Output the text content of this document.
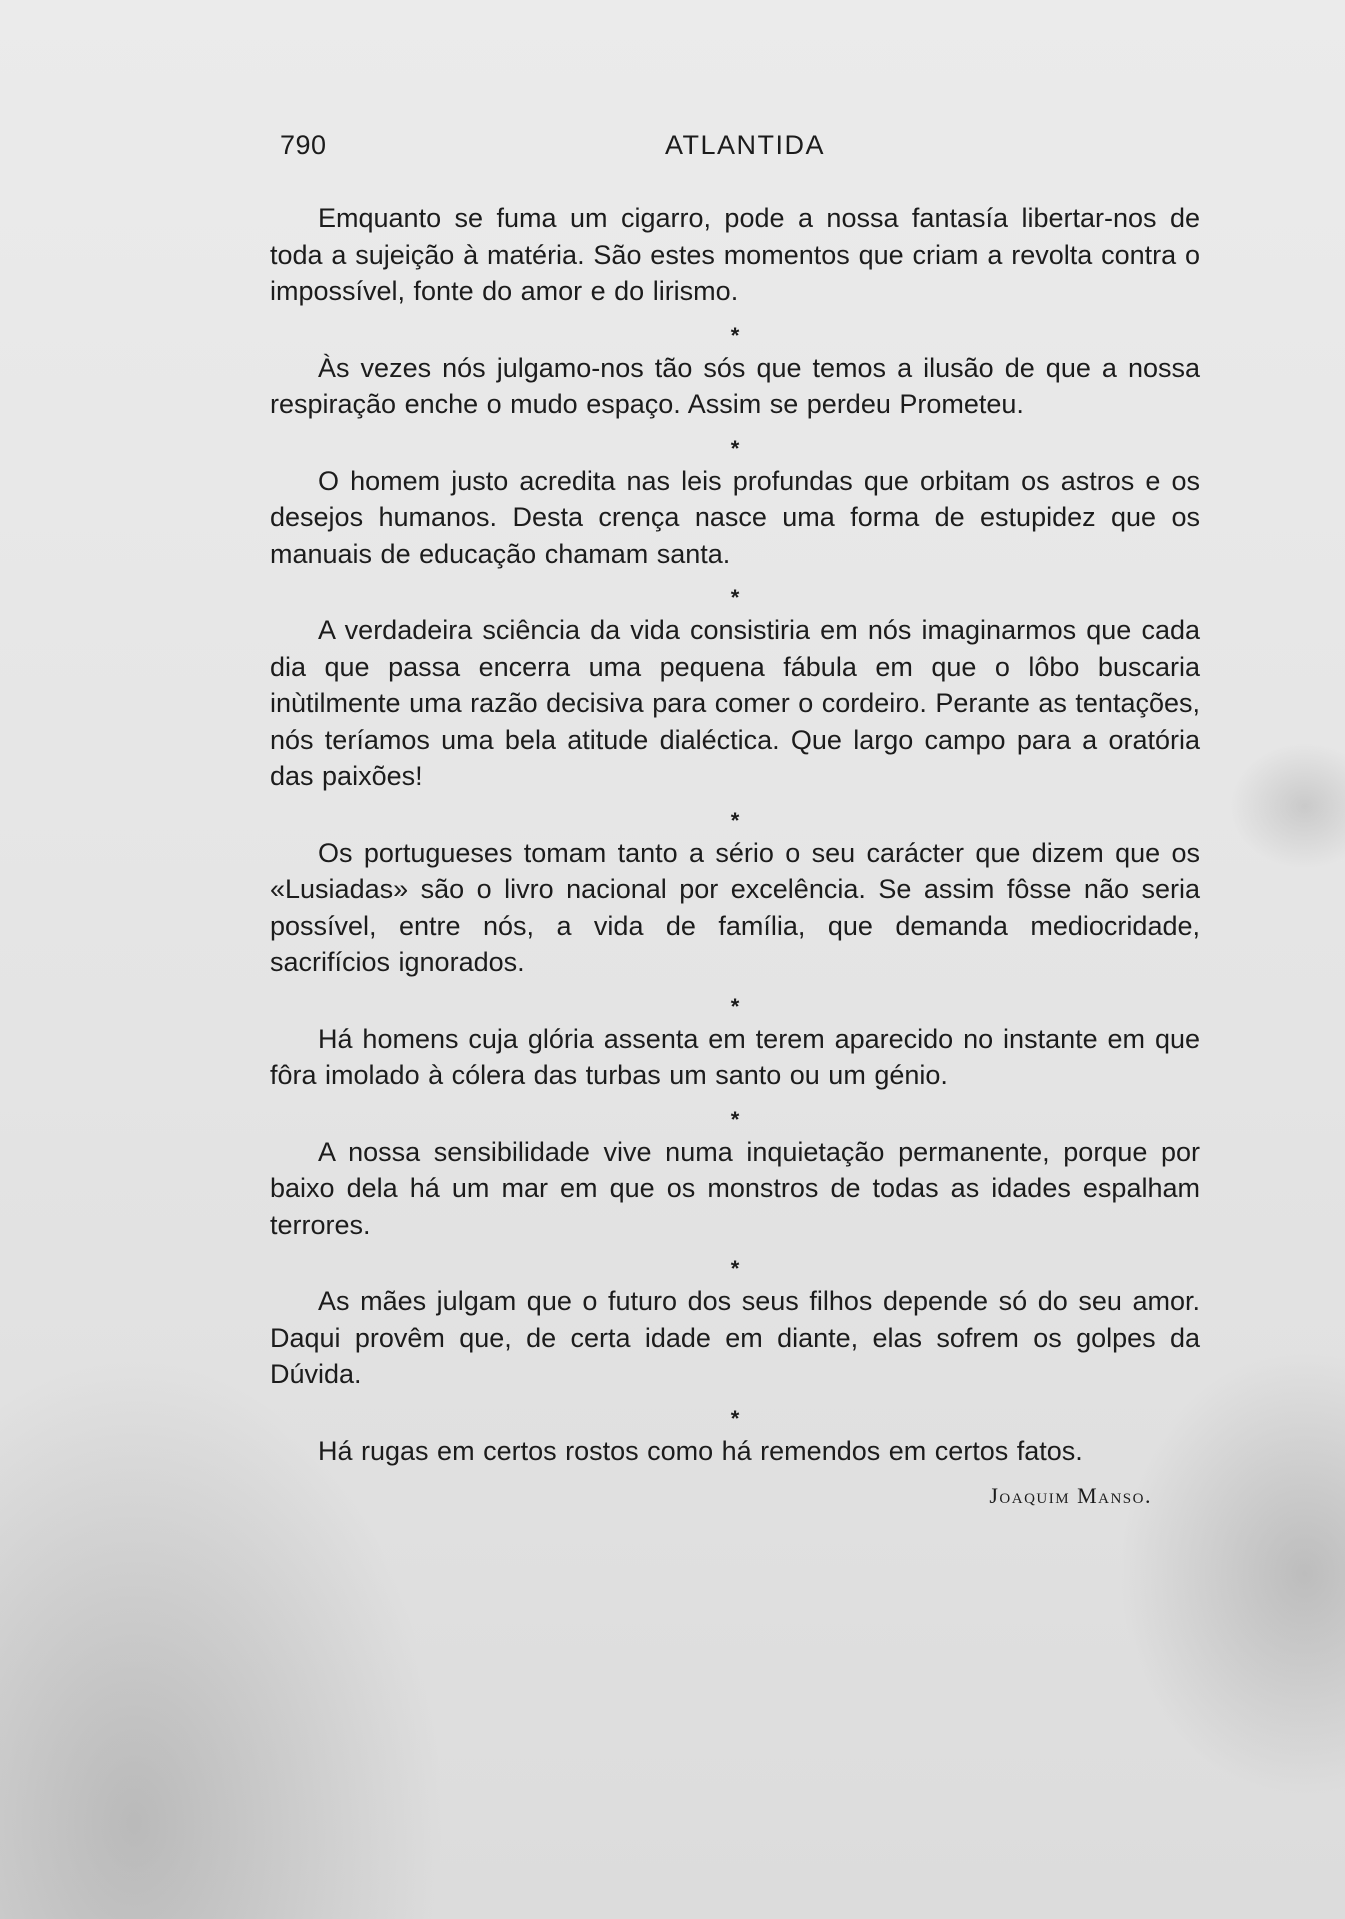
790	ATLANTIDA

Emquanto se fuma um cigarro, pode a nossa fantasía libertar-nos de toda a sujeição à matéria. São estes momentos que criam a revolta contra o impossível, fonte do amor e do lirismo.

*

Às vezes nós julgamo-nos tão sós que temos a ilusão de que a nossa respiração enche o mudo espaço. Assim se perdeu Prometeu.

*

O homem justo acredita nas leis profundas que orbitam os astros e os desejos humanos. Desta crença nasce uma forma de estupidez que os manuais de educação chamam santa.

*

A verdadeira sciência da vida consistiria em nós imaginarmos que cada dia que passa encerra uma pequena fábula em que o lôbo buscaria inùtilmente uma razão decisiva para comer o cordeiro. Perante as tentações, nós teríamos uma bela atitude dialéctica. Que largo campo para a oratória das paixões!

*

Os portugueses tomam tanto a sério o seu carácter que dizem que os «Lusiadas» são o livro nacional por excelência. Se assim fôsse não seria possível, entre nós, a vida de família, que demanda mediocridade, sacrifícios ignorados.

*

Há homens cuja glória assenta em terem aparecido no instante em que fôra imolado à cólera das turbas um santo ou um génio.

*

A nossa sensibilidade vive numa inquietação permanente, porque por baixo dela há um mar em que os monstros de todas as idades espalham terrores.

*

As mães julgam que o futuro dos seus filhos depende só do seu amor. Daqui provêm que, de certa idade em diante, elas sofrem os golpes da Dúvida.

*

Há rugas em certos rostos como há remendos em certos fatos.

Joaquim Manso.
